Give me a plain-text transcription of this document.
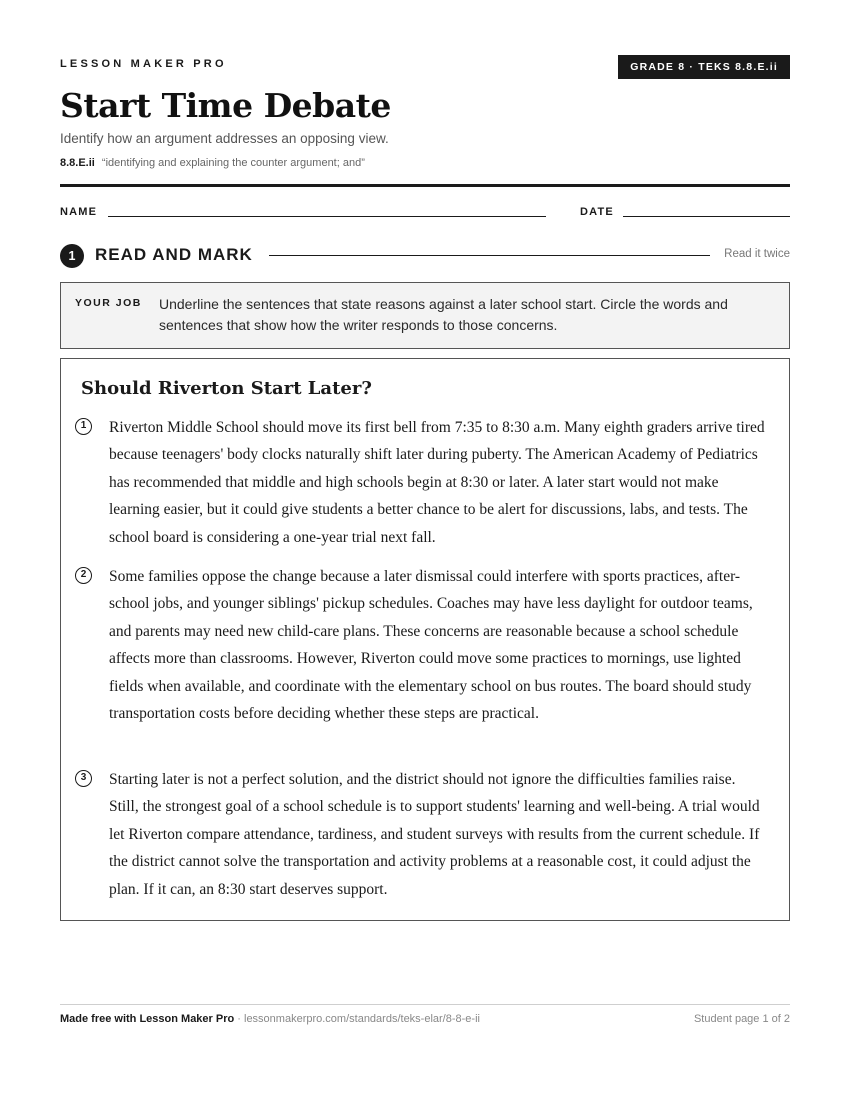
LESSON MAKER PRO	GRADE 8 · TEKS 8.8.E.ii
Start Time Debate
Identify how an argument addresses an opposing view.
8.8.E.ii “identifying and explaining the counter argument; and”
NAME	DATE
1	READ AND MARK	Read it twice
YOUR JOB Underline the sentences that state reasons against a later school start. Circle the words and sentences that show how the writer responds to those concerns.
Should Riverton Start Later?
1	Riverton Middle School should move its first bell from 7:35 to 8:30 a.m. Many eighth graders arrive tired because teenagers' body clocks naturally shift later during puberty. The American Academy of Pediatrics has recommended that middle and high schools begin at 8:30 or later. A later start would not make learning easier, but it could give students a better chance to be alert for discussions, labs, and tests. The school board is considering a one-year trial next fall.

2	Some families oppose the change because a later dismissal could interfere with sports practices, after-school jobs, and younger siblings' pickup schedules. Coaches may have less daylight for outdoor teams, and parents may need new child-care plans. These concerns are reasonable because a school schedule affects more than classrooms. However, Riverton could move some practices to mornings, use lighted fields when available, and coordinate with the elementary school on bus routes. The board should study transportation costs before deciding whether these steps are practical.

3	Starting later is not a perfect solution, and the district should not ignore the difficulties families raise. Still, the strongest goal of a school schedule is to support students' learning and well-being. A trial would let Riverton compare attendance, tardiness, and student surveys with results from the current schedule. If the district cannot solve the transportation and activity problems at a reasonable cost, it could adjust the plan. If it can, an 8:30 start deserves support.

Made free with Lesson Maker Pro · lessonmakerpro.com/standards/teks-elar/8-8-e-ii	Student page 1 of 2
